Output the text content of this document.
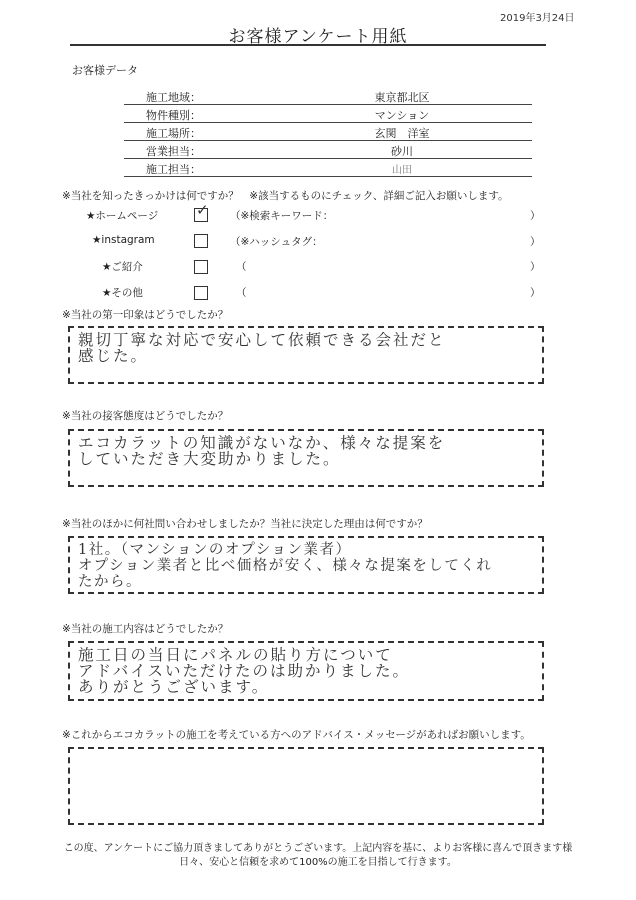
2019年3月24日
お客様アンケート用紙
お客様データ
施工地域：	東京都北区
物件種別：	マンション
施工場所：	玄関　洋室
営業担当：	砂川
施工担当：	山田
※当社を知ったきっかけは何ですか？　※該当するものにチェック、詳細ご記入お願いします。
★ホームページ	✓ （※検索キーワード：	）
★instagram	（※ハッシュタグ：	）
★ご紹介	（	）
★その他	（	）
※当社の第一印象はどうでしたか？
親切丁寧な対応で安心して依頼できる会社だと
感じた。
※当社の接客態度はどうでしたか？
エコカラットの知識がないなか、様々な提案を
していただき大変助かりました。
※当社のほかに何社問い合わせしましたか？当社に決定した理由は何ですか？
1社。（マンションのオプション業者）
オプション業者と比べ価格が安く、様々な提案をしてくれ
たから。
※当社の施工内容はどうでしたか？
施工日の当日にパネルの貼り方について
アドバイスいただけたのは助かりました。
ありがとうございます。
※これからエコカラットの施工を考えている方へのアドバイス・メッセージがあればお願いします。
この度、アンケートにご協力頂きましてありがとうございます。上記内容を基に、よりお客様に喜んで頂きます様
日々、安心と信頼を求めて100%の施工を目指して行きます。
